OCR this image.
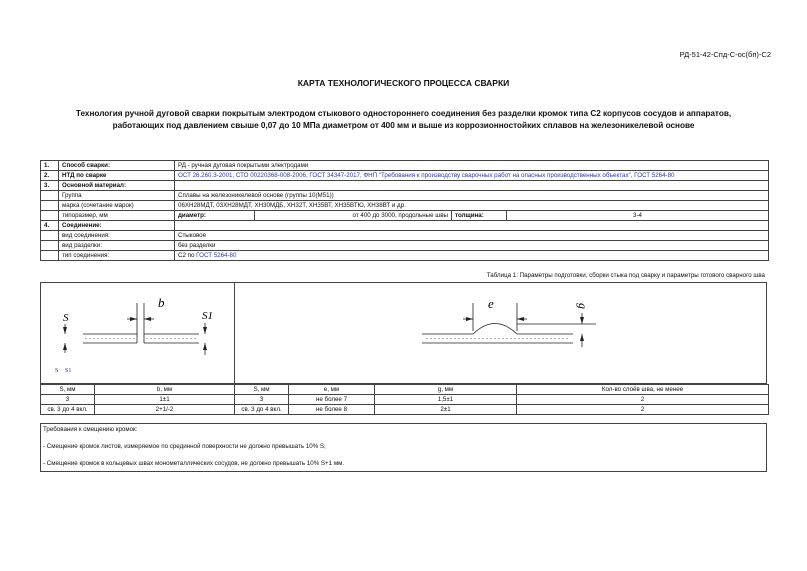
РД-51-42-Спд-С-ос(бп)-С2
КАРТА ТЕХНОЛОГИЧЕСКОГО ПРОЦЕССА СВАРКИ
Технология ручной дуговой сварки покрытым электродом стыкового одностороннего соединения без разделки кромок типа С2 корпусов сосудов и аппаратов,
работающих под давлением свыше 0,07 до 10 МПа диаметром от 400 мм и выше из коррозионностойких сплавов на железоникелевой основе
1.	Способ сварки:	РД - ручная дуговая покрытыми электродами			
2.	НТД по сварке	ОСТ 26.260.3-2001, СТО 00220368-008-2006, ГОСТ 34347-2017, ФНП "Требования к производству сварочных работ на опасных производственных объектах", ГОСТ 5264-80			
3.	Основной материал:				
	Группа	Сплавы на железоникелевой основе (группы 10(M51))			
	марка (сочетание марок)	06ХН28МДТ, 03ХН28МДТ, ХН30МДБ, ХН32Т, ХН35ВТ, ХН35ВТЮ, ХН38ВТ и др.			
	типоразмер, мм	диаметр:	от 400 до 3000, продольные швы	толщина:	3-4
4.	Соединение:				
	вид соединения:	Стыковое			
	вид разделки:	без разделки			
	тип соединения:	С2 по ГОСТ 5264-80			
Таблица 1: Параметры подготовки, сборки стыка под сварку и параметры готового сварного шва
S
b
S1
S S1
e	g
S, мм	b, мм	S, мм	e, мм	g, мм	Кол-во слоёв шва, не менее
3	1±1	3	не более 7	1,5±1	2
св. 3 до 4 вкл.	2+1/-2	св. 3 до 4 вкл.	не более 8	2±1	2
Требования к смещению кромок:
- Смещение кромок листов, измеряемое по срединной поверхности не должно превышать 10% S;
- Смещение кромок в кольцевых швах монометаллических сосудов, не должно превышать 10% S+1 мм.
